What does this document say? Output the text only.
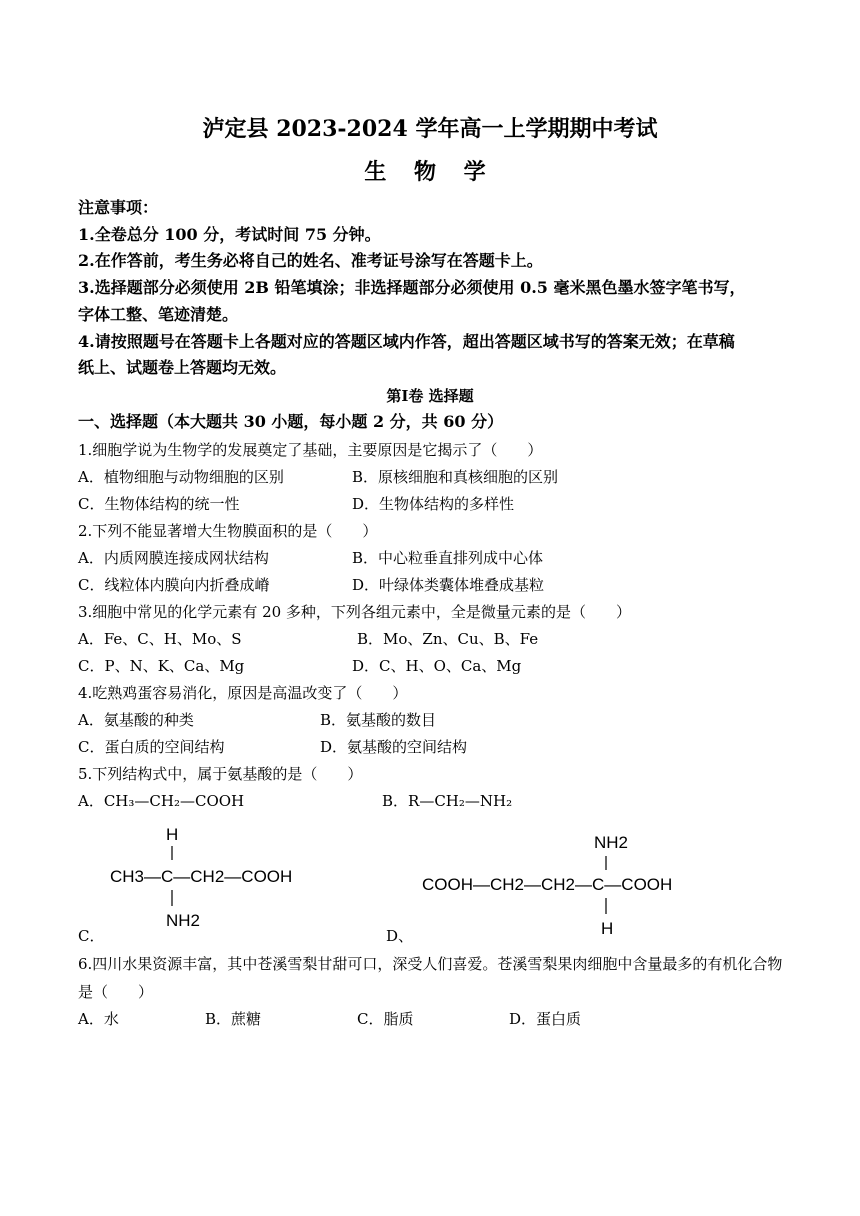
泸定县 2023-2024 学年高一上学期期中考试
生 物 学
注意事项：
1.全卷总分 100 分，考试时间 75 分钟。
2.在作答前，考生务必将自己的姓名、准考证号涂写在答题卡上。
3.选择题部分必须使用 2B 铅笔填涂；非选择题部分必须使用 0.5 毫米黑色墨水签字笔书写，
字体工整、笔迹清楚。
4.请按照题号在答题卡上各题对应的答题区域内作答，超出答题区域书写的答案无效；在草稿
纸上、试题卷上答题均无效。
第Ⅰ卷 选择题
一、选择题（本大题共 30 小题，每小题 2 分，共 60 分）
1.细胞学说为生物学的发展奠定了基础，主要原因是它揭示了（　　）
A．植物细胞与动物细胞的区别	B．原核细胞和真核细胞的区别
C．生物体结构的统一性	D．生物体结构的多样性
2.下列不能显著增大生物膜面积的是（　　）
A．内质网膜连接成网状结构	B．中心粒垂直排列成中心体
C．线粒体内膜向内折叠成嵴	D．叶绿体类囊体堆叠成基粒
3.细胞中常见的化学元素有 20 多种，下列各组元素中，全是微量元素的是（　　）
A．Fe、C、H、Mo、S	B．Mo、Zn、Cu、B、Fe
C．P、N、K、Ca、Mg	D．C、H、O、Ca、Mg
4.吃熟鸡蛋容易消化，原因是高温改变了（　　）
A．氨基酸的种类	B．氨基酸的数目
C．蛋白质的空间结构	D．氨基酸的空间结构
5.下列结构式中，属于氨基酸的是（　　）
A．CH₃—CH₂—COOH	B．R—CH₂—NH₂
H
CH3—C—CH2—COOH
NH2
NH2
COOH—CH2—CH2—C—COOH
H
C．	D、
6.四川水果资源丰富，其中苍溪雪梨甘甜可口，深受人们喜爱。苍溪雪梨果肉细胞中含量最多的有机化合物
是（　　）
A．水	B．蔗糖	C．脂质	D．蛋白质
